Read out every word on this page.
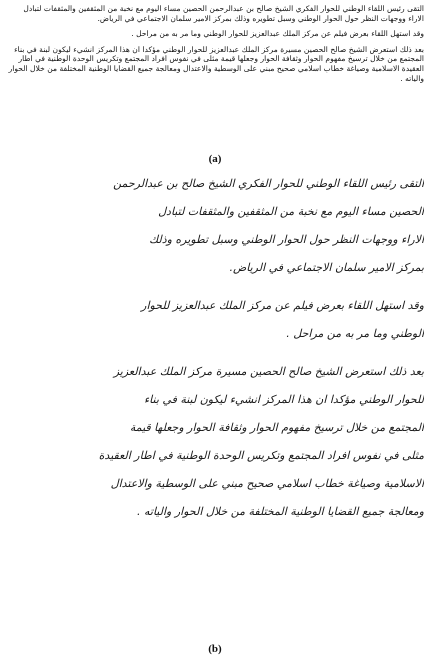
التقى رئيس اللقاء الوطني للحوار الفكري الشيخ صالح بن عبدالرحمن الحصين مساء اليوم مع نخبة من المثقفين والمثقفات لتبادل الاراء ووجهات النظر حول الحوار الوطني وسبل تطويره وذلك بمركز الامير سلمان الاجتماعي في الرياض.

وقد استهل اللقاء بعرض فيلم عن مركز الملك عبدالعزيز للحوار الوطني وما مر به من مراحل .

بعد ذلك استعرض الشيخ صالح الحصين مسيرة مركز الملك عبدالعزيز للحوار الوطني مؤكدا ان هذا المركز انشيء ليكون لبنة في بناء المجتمع من خلال ترسيخ مفهوم الحوار وثقافة الحوار وجعلها قيمة مثلى في نفوس افراد المجتمع وتكريس الوحدة الوطنية في اطار العقيدة الاسلامية وصياغة خطاب اسلامي صحيح مبني على الوسطية والاعتدال ومعالجة جميع القضايا الوطنية المختلفة من خلال الحوار والياته .

(a)
التقى رئيس اللقاء الوطني للحوار الفكري الشيخ صالح بن عبدالرحمن
الحصين مساء اليوم مع نخبة من المثقفين والمثقفات لتبادل
الاراء ووجهات النظر حول الحوار الوطني وسبل تطويره وذلك
بمركز الامير سلمان الاجتماعي في الرياض.
وقد استهل اللقاء بعرض فيلم عن مركز الملك عبدالعزيز للحوار
الوطني وما مر به من مراحل .
بعد ذلك استعرض الشيخ صالح الحصين مسيرة مركز الملك عبدالعزيز
للحوار الوطني مؤكدا ان هذا المركز انشيء ليكون لبنة في بناء
المجتمع من خلال ترسيخ مفهوم الحوار وثقافة الحوار وجعلها قيمة
مثلى في نفوس افراد المجتمع وتكريس الوحدة الوطنية في اطار العقيدة
الاسلامية وصياغة خطاب اسلامي صحيح مبني على الوسطية والاعتدال
ومعالجة جميع القضايا الوطنية المختلفة من خلال الحوار والياته .
(b)
